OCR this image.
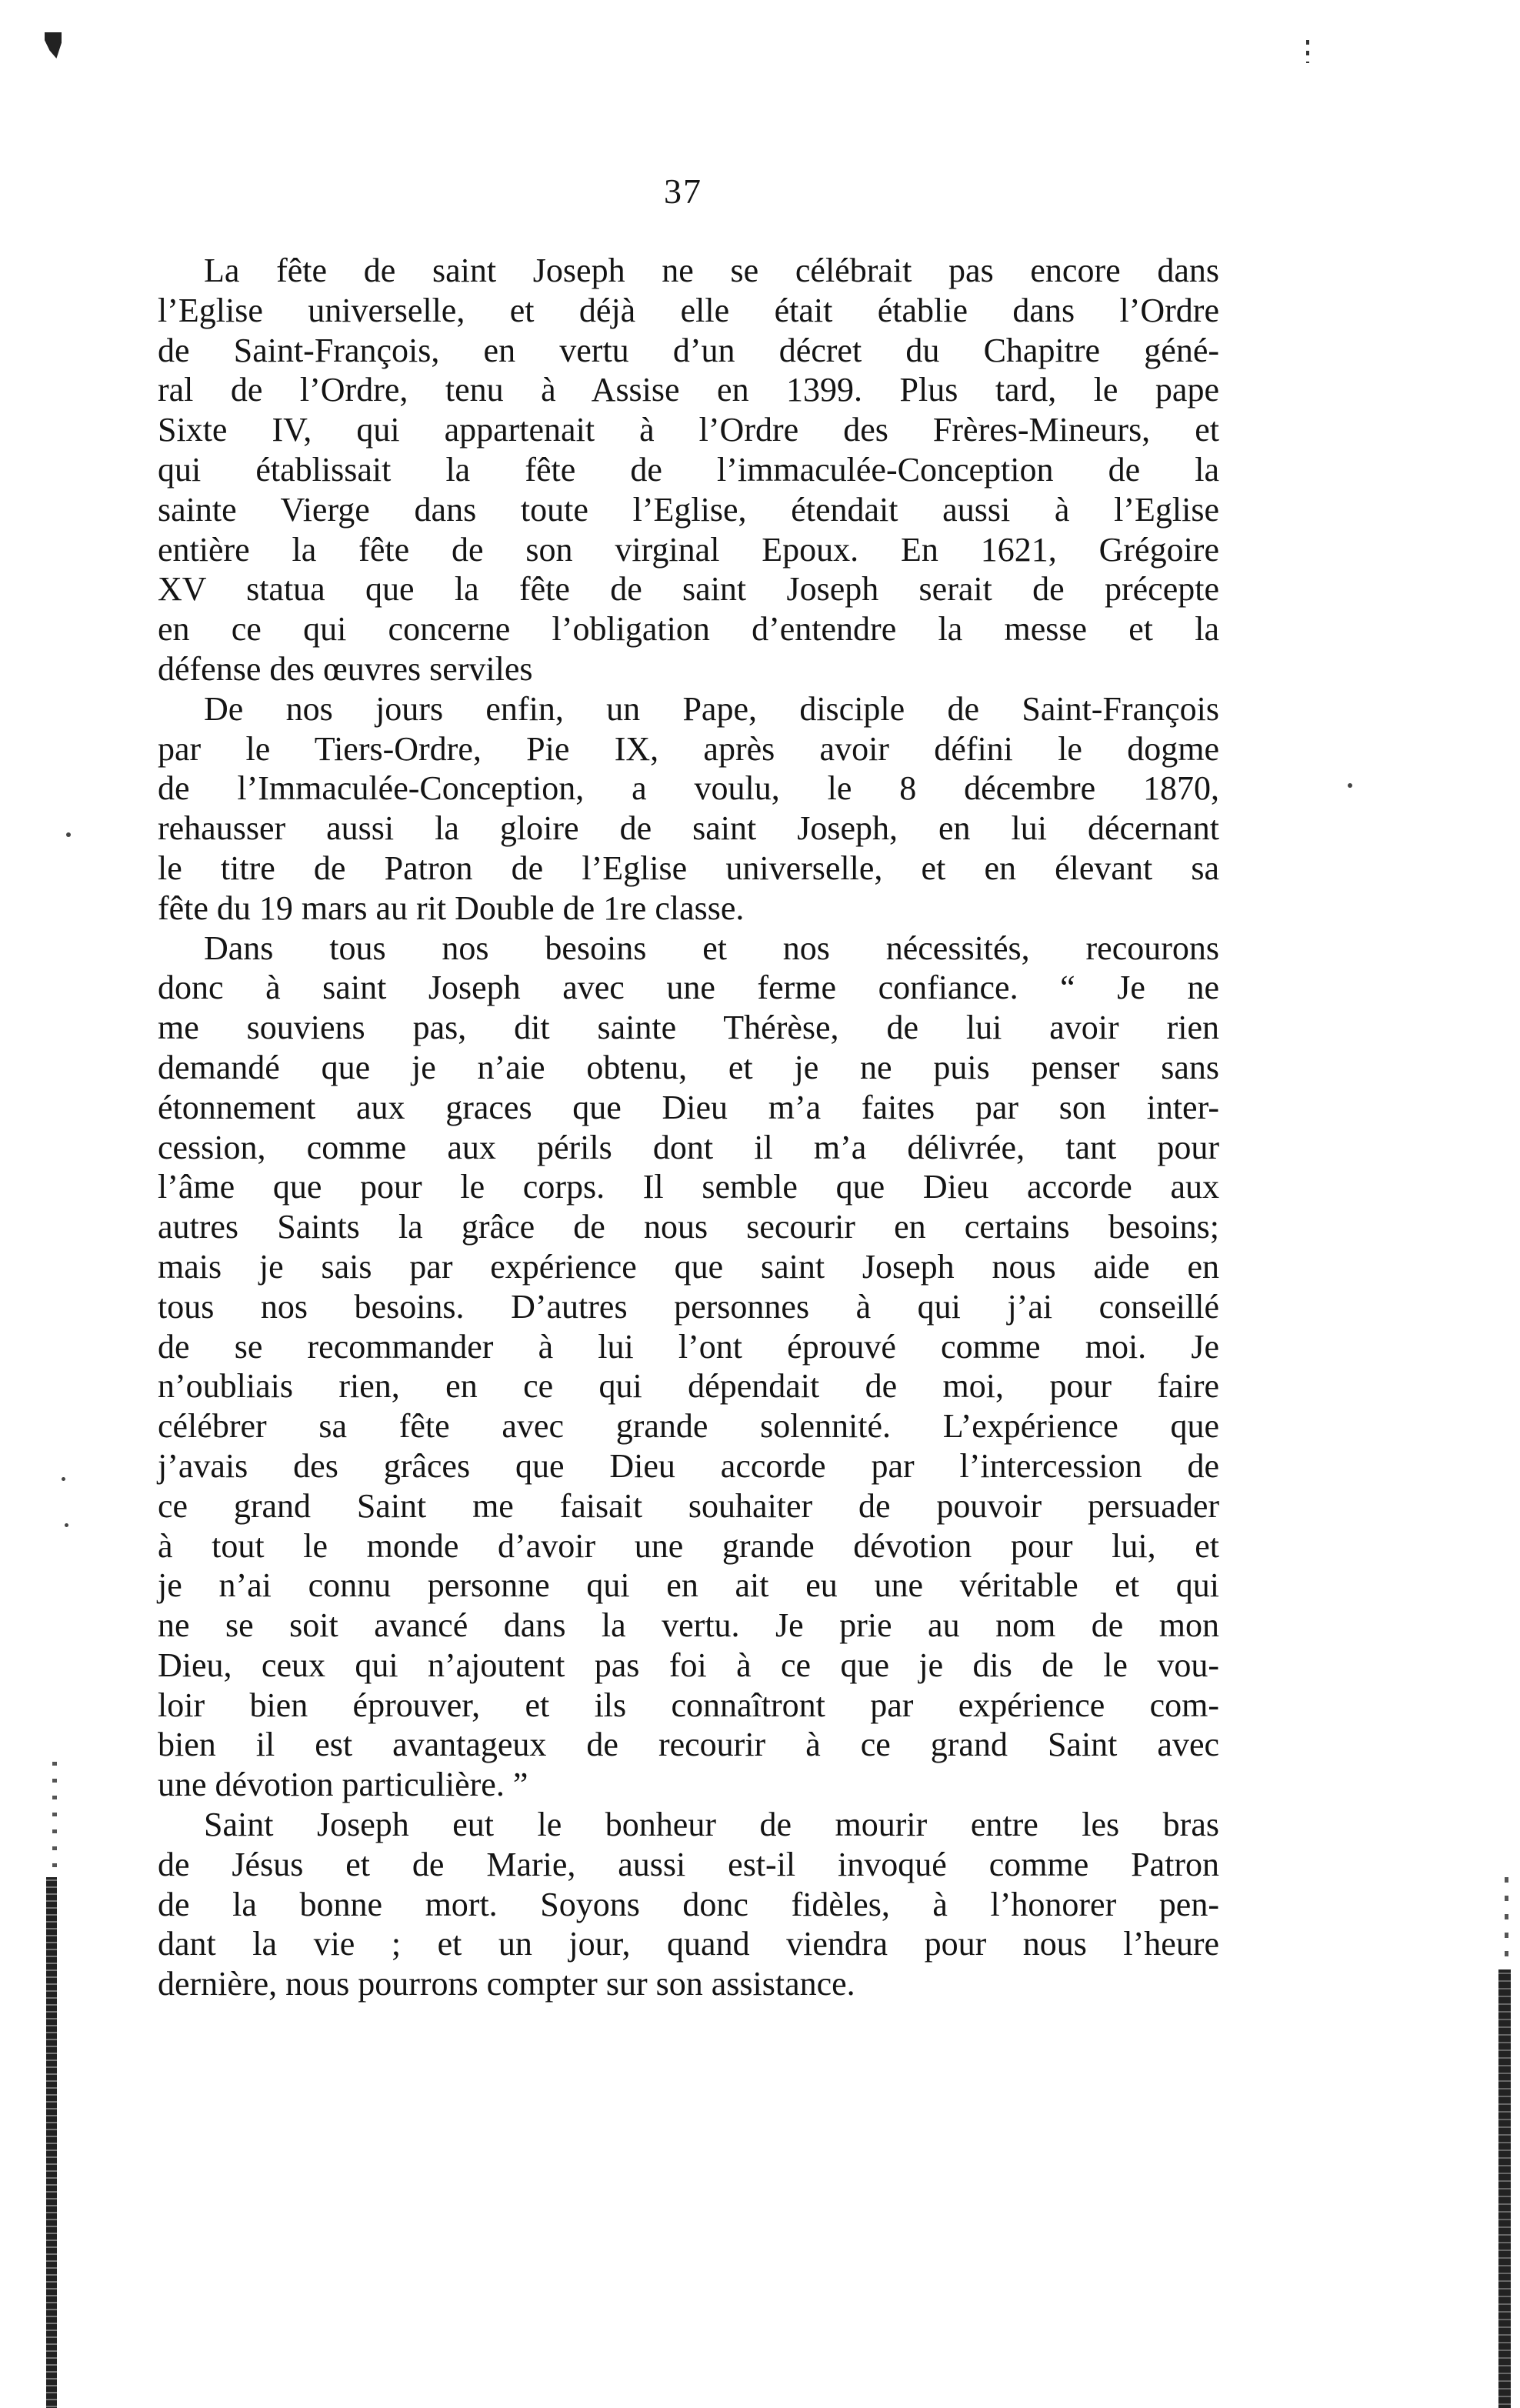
37
La fête de saint Joseph ne se célébrait pas encore dans
l’Eglise universelle, et déjà elle était établie dans l’Ordre
de Saint-François, en vertu d’un décret du Chapitre géné-
ral de l’Ordre, tenu à Assise en 1399. Plus tard, le pape
Sixte IV, qui appartenait à l’Ordre des Frères-Mineurs, et
qui établissait la fête de l’immaculée-Conception de la
sainte Vierge dans toute l’Eglise, étendait aussi à l’Eglise
entière la fête de son virginal Epoux. En 1621, Grégoire
XV statua que la fête de saint Joseph serait de précepte
en ce qui concerne l’obligation d’entendre la messe et la
défense des œuvres serviles
De nos jours enfin, un Pape, disciple de Saint-François
par le Tiers-Ordre, Pie IX, après avoir défini le dogme
de l’Immaculée-Conception, a voulu, le 8 décembre 1870,
rehausser aussi la gloire de saint Joseph, en lui décernant
le titre de Patron de l’Eglise universelle, et en élevant sa
fête du 19 mars au rit Double de 1re classe.
Dans tous nos besoins et nos nécessités, recourons
donc à saint Joseph avec une ferme confiance. “ Je ne
me souviens pas, dit sainte Thérèse, de lui avoir rien
demandé que je n’aie obtenu, et je ne puis penser sans
étonnement aux graces que Dieu m’a faites par son inter-
cession, comme aux périls dont il m’a délivrée, tant pour
l’âme que pour le corps. Il semble que Dieu accorde aux
autres Saints la grâce de nous secourir en certains besoins;
mais je sais par expérience que saint Joseph nous aide en
tous nos besoins. D’autres personnes à qui j’ai conseillé
de se recommander à lui l’ont éprouvé comme moi. Je
n’oubliais rien, en ce qui dépendait de moi, pour faire
célébrer sa fête avec grande solennité. L’expérience que
j’avais des grâces que Dieu accorde par l’intercession de
ce grand Saint me faisait souhaiter de pouvoir persuader
à tout le monde d’avoir une grande dévotion pour lui, et
je n’ai connu personne qui en ait eu une véritable et qui
ne se soit avancé dans la vertu. Je prie au nom de mon
Dieu, ceux qui n’ajoutent pas foi à ce que je dis de le vou-
loir bien éprouver, et ils connaîtront par expérience com-
bien il est avantageux de recourir à ce grand Saint avec
une dévotion particulière. ”
Saint Joseph eut le bonheur de mourir entre les bras
de Jésus et de Marie, aussi est-il invoqué comme Patron
de la bonne mort. Soyons donc fidèles, à l’honorer pen-
dant la vie ; et un jour, quand viendra pour nous l’heure
dernière, nous pourrons compter sur son assistance.
